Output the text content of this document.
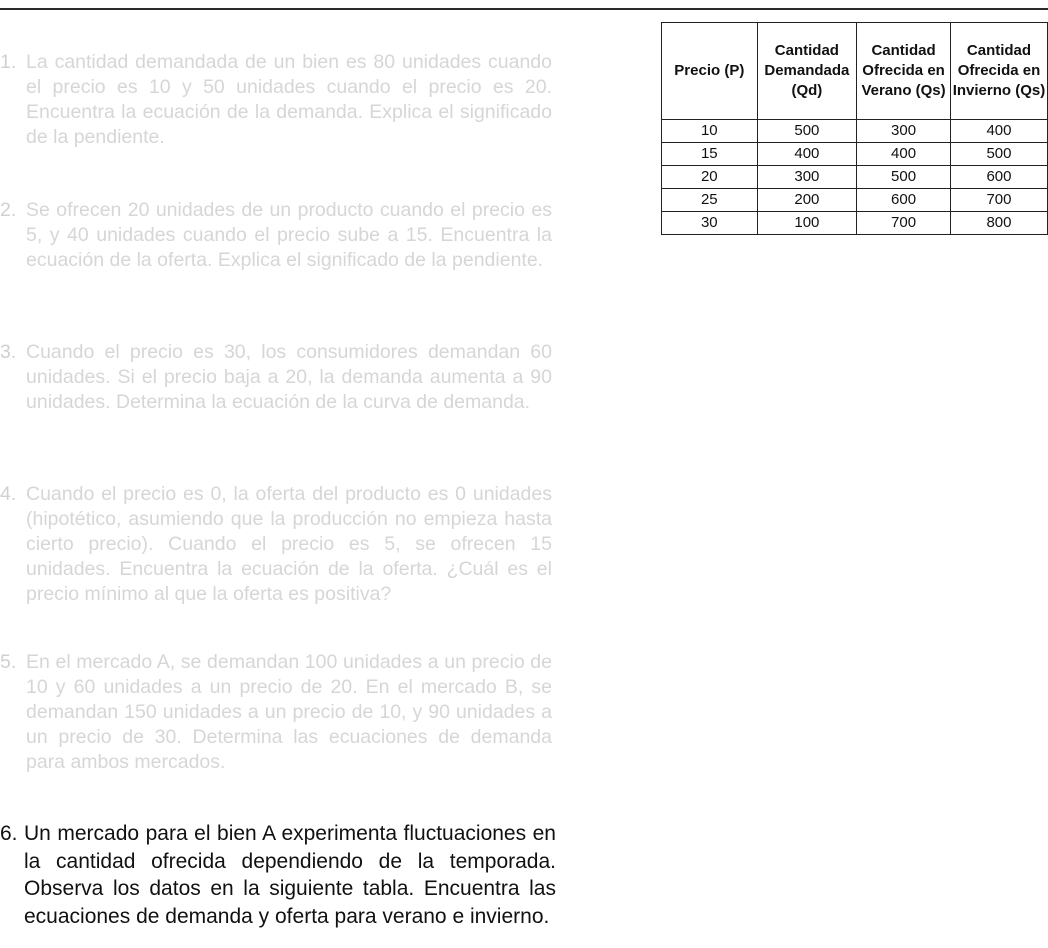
1. La cantidad demandada de un bien es 80 unidades cuando el precio es 10 y 50 unidades cuando el precio es 20. Encuentra la ecuación de la demanda. Explica el significado de la pendiente.
2. Se ofrecen 20 unidades de un producto cuando el precio es 5, y 40 unidades cuando el precio sube a 15. Encuentra la ecuación de la oferta. Explica el significado de la pendiente.
3. Cuando el precio es 30, los consumidores demandan 60 unidades. Si el precio baja a 20, la demanda aumenta a 90 unidades. Determina la ecuación de la curva de demanda.
4. Cuando el precio es 0, la oferta del producto es 0 unidades (hipotético, asumiendo que la producción no empieza hasta cierto precio). Cuando el precio es 5, se ofrecen 15 unidades. Encuentra la ecuación de la oferta. ¿Cuál es el precio mínimo al que la oferta es positiva?
5. En el mercado A, se demandan 100 unidades a un precio de 10 y 60 unidades a un precio de 20. En el mercado B, se demandan 150 unidades a un precio de 10, y 90 unidades a un precio de 30. Determina las ecuaciones de demanda para ambos mercados.
6. Un mercado para el bien A experimenta fluctuaciones en la cantidad ofrecida dependiendo de la temporada. Observa los datos en la siguiente tabla. Encuentra las ecuaciones de demanda y oferta para verano e invierno.
Precio (P)	Cantidad Demandada (Qd)	Cantidad Ofrecida en Verano (Qs)	Cantidad Ofrecida en Invierno (Qs)

10	500	300	400
15	400	400	500
20	300	500	600
25	200	600	700
30	100	700	800
